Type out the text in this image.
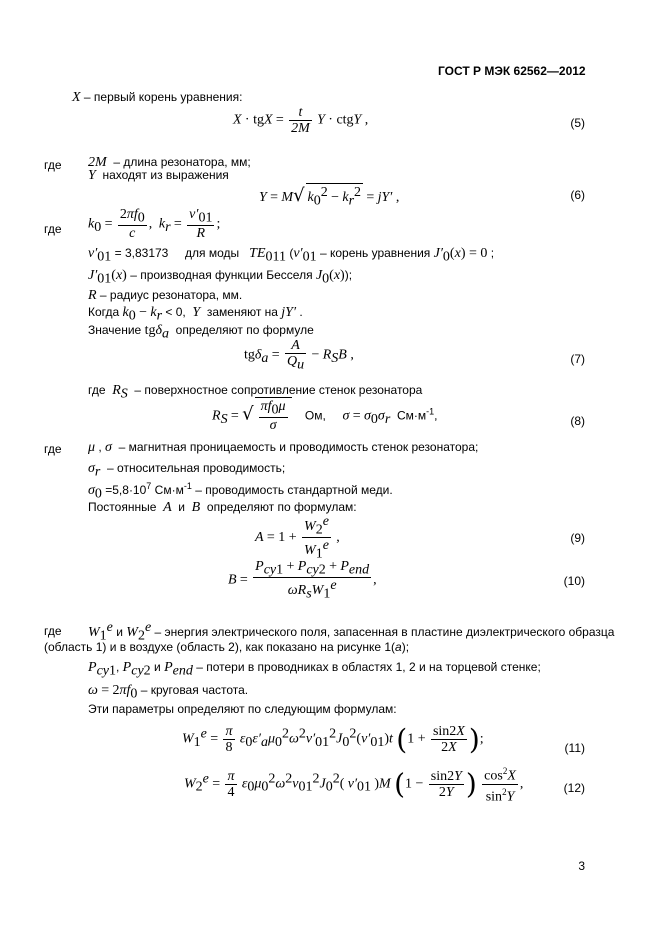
ГОСТ Р МЭК 62562—2012
X – первый корень уравнения:
X · tgX = $\frac{t}{2M}$ Y · ctgY ,	(5)
где 2M – длина резонатора, мм;
Y находят из выражения
Y = M√ $k_0^2 - k_r^2 = jY'$ ,	(6)
где $k_0 = \frac{2\pi f_0}{c}$ , $k_r = \frac{\nu'_{01}}{R}$ ;
$\nu'_{01} = 3,83173$ для моды $TE_{011}$ ($\nu'_{01}$ – корень уравнения $J'_0(x) = 0$ ;
$J'_{01}(x)$ – производная функции Бесселя $J_0(x)$);
R – радиус резонатора, мм.
Когда $k_0 - k_r < 0$, Y заменяют на jY′ .
Значение tgδ$_a$ определяют по формуле
$tg\delta_a = \frac{A}{Q_u} - R_SB$ ,	(7)
где $R_S$ – поверхностное сопротивление стенок резонатора
$R_S$ = √ $\frac{\pi f_0\mu}{\sigma}$ Ом, $\sigma = \sigma_0\sigma_r$ $См\cdot м^{-1}$,	(8)
где μ , σ – магнитная проницаемость и проводимость стенок резонатора;
$\sigma_r$ – относительная проводимость;
$\sigma_0 =5,8\cdot 10^7$ $См\cdot м^{-1}$ – проводимость стандартной меди.
Постоянные A и B определяют по формулам:
$A = 1 + \frac{W_2^e}{W_1^e}$ ,	(9)
$B = \frac{P_{cy1} + P_{cy2} + P_{end}}{\omega R_sW_1^e}$ ,	(10)
где $W_1^e$ и $W_2^e$ – энергия электрического поля, запасенная в пластине диэлектрического образца
(область 1) и в воздухе (область 2), как показано на рисунке 1(a);
$P_{cy1}$, $P_{cy2}$ и $P_{end}$ – потери в проводниках в областях 1, 2 и на торцевой стенке;
$\omega = 2\pi f_0$ – круговая частота.
Эти параметры определяют по следующим формулам:
$W_1^e = \frac{\pi}{8} \varepsilon_0\varepsilon'_a\mu_0^2\omega^2\nu'_{01}^2J_0^2(\nu'_{01})t$ ($1 + \frac{\sin 2X}{2X}$ );
(11)
$W_2^e = \frac{\pi}{4} \varepsilon_0\mu_0^2\omega^2\nu_{01}^2J_0^2$( $\nu'_{01}$ )M ($1 - \frac{\sin 2Y}{2Y}$ ) $\frac{\cos^2X}{\sin^2Y}$ ,	(12)
3
